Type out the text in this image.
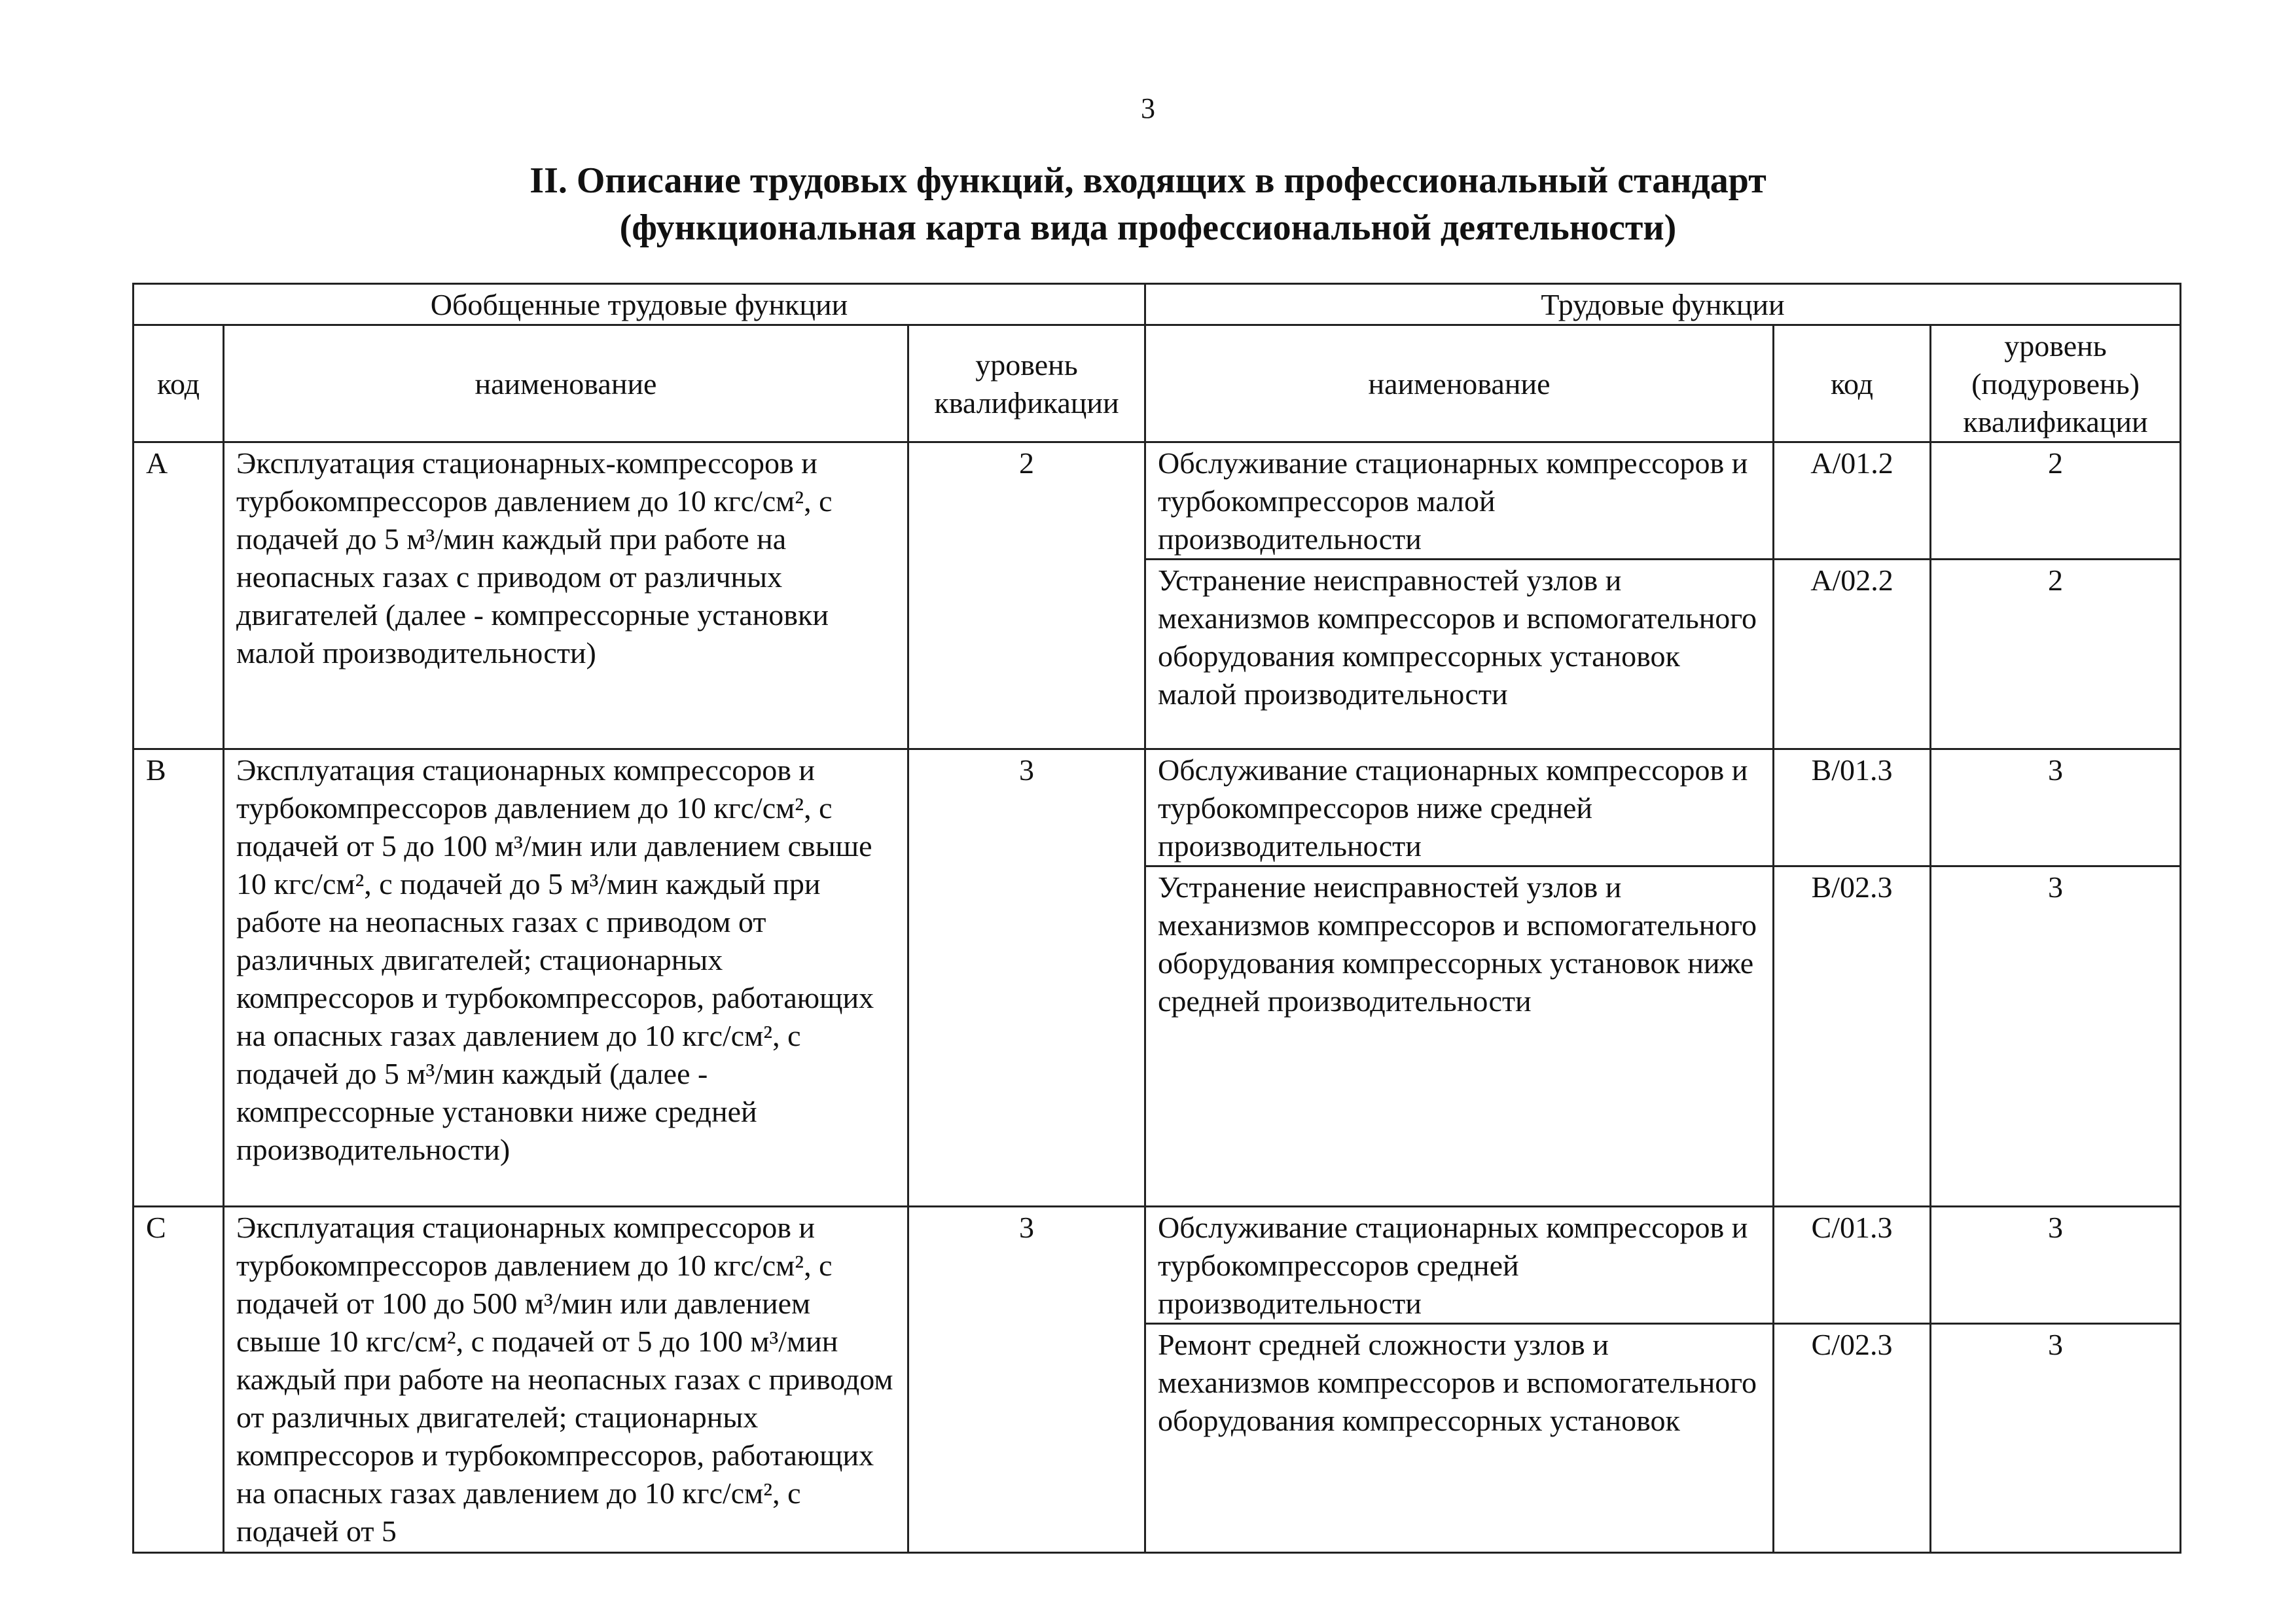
3
II. Описание трудовых функций, входящих в профессиональный стандарт
(функциональная карта вида профессиональной деятельности)
Обобщенные трудовые функции			Трудовые функции		
код	наименование	уровень квалификации	наименование	код	уровень (подуровень) квалификации
A	Эксплуатация стационарных-компрессоров и турбокомпрессоров давлением до 10 кгс/см², с подачей до 5 м³/мин каждый при работе на неопасных газах с приводом от различных двигателей (далее - компрессорные установки малой производительности)	2	Обслуживание стационарных компрессоров и турбокомпрессоров малой производительности	A/01.2	2
			Устранение неисправностей узлов и механизмов компрессоров и вспомогательного оборудования компрессорных установок малой производительности	A/02.2	2
B	Эксплуатация стационарных компрессоров и турбокомпрессоров давлением до 10 кгс/см², с подачей от 5 до 100 м³/мин или давлением свыше 10 кгс/см², с подачей до 5 м³/мин каждый при работе на неопасных газах с приводом от различных двигателей; стационарных компрессоров и турбокомпрессоров, работающих на опасных газах давлением до 10 кгс/см², с подачей до 5 м³/мин каждый (далее - компрессорные установки ниже средней производительности)	3	Обслуживание стационарных компрессоров и турбокомпрессоров ниже средней производительности	B/01.3	3
			Устранение неисправностей узлов и механизмов компрессоров и вспомогательного оборудования компрессорных установок ниже средней производительности	B/02.3	3
C	Эксплуатация стационарных компрессоров и турбокомпрессоров давлением до 10 кгс/см², с подачей от 100 до 500 м³/мин или давлением свыше 10 кгс/см², с подачей от 5 до 100 м³/мин каждый при работе на неопасных газах с приводом от различных двигателей; стационарных компрессоров и турбокомпрессоров, работающих на опасных газах давлением до 10 кгс/см², с подачей от 5	3	Обслуживание стационарных компрессоров и турбокомпрессоров средней производительности	C/01.3	3
			Ремонт средней сложности узлов и механизмов компрессоров и вспомогательного оборудования компрессорных установок	C/02.3	3
